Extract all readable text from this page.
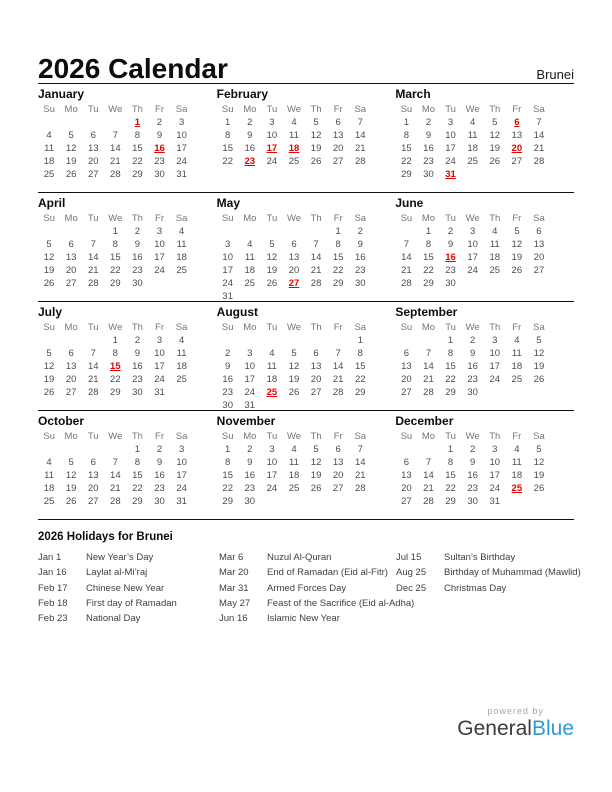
2026 Calendar	Brunei
January
Su	Mo	Tu	We	Th	Fr	Sa
				1	2	3
4	5	6	7	8	9	10
11	12	13	14	15	16	17
18	19	20	21	22	23	24
25	26	27	28	29	30	31
February
Su	Mo	Tu	We	Th	Fr	Sa
1	2	3	4	5	6	7
8	9	10	11	12	13	14
15	16	17	18	19	20	21
22	23	24	25	26	27	28
March
Su	Mo	Tu	We	Th	Fr	Sa
1	2	3	4	5	6	7
8	9	10	11	12	13	14
15	16	17	18	19	20	21
22	23	24	25	26	27	28
29	30	31				
April
Su	Mo	Tu	We	Th	Fr	Sa
			1	2	3	4
5	6	7	8	9	10	11
12	13	14	15	16	17	18
19	20	21	22	23	24	25
26	27	28	29	30		
May
Su	Mo	Tu	We	Th	Fr	Sa
					1	2
3	4	5	6	7	8	9
10	11	12	13	14	15	16
17	18	19	20	21	22	23
24	25	26	27	28	29	30
31						
June
Su	Mo	Tu	We	Th	Fr	Sa
	1	2	3	4	5	6
7	8	9	10	11	12	13
14	15	16	17	18	19	20
21	22	23	24	25	26	27
28	29	30				
July
Su	Mo	Tu	We	Th	Fr	Sa
			1	2	3	4
5	6	7	8	9	10	11
12	13	14	15	16	17	18
19	20	21	22	23	24	25
26	27	28	29	30	31	
August
Su	Mo	Tu	We	Th	Fr	Sa
						1
2	3	4	5	6	7	8
9	10	11	12	13	14	15
16	17	18	19	20	21	22
23	24	25	26	27	28	29
30	31					
September
Su	Mo	Tu	We	Th	Fr	Sa
		1	2	3	4	5
6	7	8	9	10	11	12
13	14	15	16	17	18	19
20	21	22	23	24	25	26
27	28	29	30			
October
Su	Mo	Tu	We	Th	Fr	Sa
				1	2	3
4	5	6	7	8	9	10
11	12	13	14	15	16	17
18	19	20	21	22	23	24
25	26	27	28	29	30	31
November
Su	Mo	Tu	We	Th	Fr	Sa
1	2	3	4	5	6	7
8	9	10	11	12	13	14
15	16	17	18	19	20	21
22	23	24	25	26	27	28
29	30					
December
Su	Mo	Tu	We	Th	Fr	Sa
		1	2	3	4	5
6	7	8	9	10	11	12
13	14	15	16	17	18	19
20	21	22	23	24	25	26
27	28	29	30	31		
2026 Holidays for Brunei
Jan 1	New Year’s Day
Jan 16	Laylat al-Mi’raj
Feb 17	Chinese New Year
Feb 18	First day of Ramadan
Feb 23	National Day
Mar 6	Nuzul Al-Quran
Mar 20	End of Ramadan (Eid al-Fitr)
Mar 31	Armed Forces Day
May 27 Feast of the Sacrifice (Eid al-Adha)
Jun 16	Islamic New Year
Jul 15	Sultan’s Birthday
Aug 25	Birthday of Muhammad (Mawlid)
Dec 25	Christmas Day
powered by
GeneralBlue
